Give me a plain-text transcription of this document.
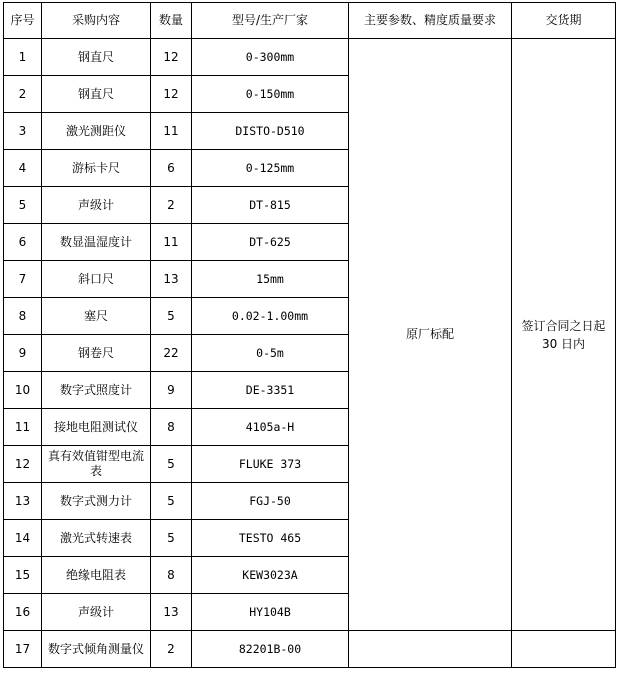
序号	采购内容	数量	型号/生产厂家	主要参数、精度质量要求	交货期
1	钢直尺	12	0-300mm	原厂标配	签订合同之日起 30 日内
2	钢直尺	12	0-150mm		
3	激光测距仪	11	DISTO-D510		
4	游标卡尺	6	0-125mm		
5	声级计	2	DT-815		
6	数显温湿度计	11	DT-625		
7	斜口尺	13	15mm		
8	塞尺	5	0.02-1.00mm		
9	钢卷尺	22	0-5m		
10	数字式照度计	9	DE-3351		
11	接地电阻测试仪	8	4105a-H		
12	真有效值钳型电流表	5	FLUKE 373		
13	数字式测力计	5	FGJ-50		
14	激光式转速表	5	TESTO 465		
15	绝缘电阻表	8	KEW3023A		
16	声级计	13	HY104B		
17	数字式倾角测量仪	2	82201B-00		
